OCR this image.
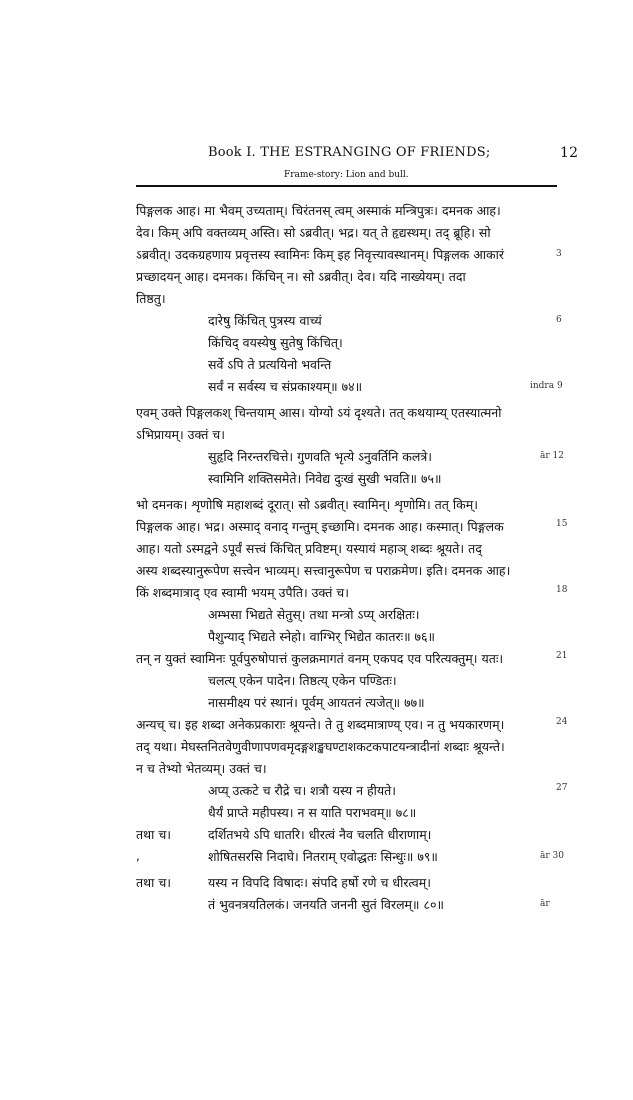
Book I. THE ESTRANGING OF FRIENDS;	12
Frame-story: Lion and bull.
पिङ्गलक आह। मा भैवम् उच्यताम्। चिरंतनस् त्वम् अस्माकं मन्त्रिपुत्रः। दमनक आह।
देव। किम् अपि वक्तव्यम् अस्ति। सो ऽब्रवीत्। भद्र। यत् ते हृद्यस्थम्। तद् ब्रूहि। सो
ऽब्रवीत्। उदकग्रहणाय प्रवृत्तस्य स्वामिनः किम् इह निवृत्त्यावस्थानम्। पिङ्गलक आकारं	3
प्रच्छादयन् आह। दमनक। किंचिन् न। सो ऽब्रवीत्। देव। यदि नाख्येयम्। तदा
तिष्ठतु।
दारेषु किंचित् पुत्रस्य वाच्यं	6
किंचिद् वयस्येषु सुतेषु किंचित्।
सर्वे ऽपि ते प्रत्ययिनो भवन्ति
सर्वं न सर्वस्य च संप्रकाश्यम्॥ ७४॥	indra 9
एवम् उक्ते पिङ्गलकश् चिन्तयाम् आस। योग्यो ऽयं दृश्यते। तत् कथयाम्य् एतस्यात्मनो
ऽभिप्रायम्। उक्तं च।
सुहृदि निरन्तरचित्ते। गुणवति भृत्ये ऽनुवर्तिनि कलत्रे।	ār 12
स्वामिनि शक्तिसमेते। निवेद्य दुःखं सुखी भवति॥ ७५॥
भो दमनक। शृणोषि महाशब्दं दूरात्। सो ऽब्रवीत्। स्वामिन्। शृणोमि। तत् किम्।
पिङ्गलक आह। भद्र। अस्माद् वनाद् गन्तुम् इच्छामि। दमनक आह। कस्मात्। पिङ्गलक	15
आह। यतो ऽस्मद्वने ऽपूर्वं सत्त्वं किंचित् प्रविष्टम्। यस्यायं महाञ् शब्दः श्रूयते। तद्
अस्य शब्दस्यानुरूपेण सत्त्वेन भाव्यम्। सत्त्वानुरूपेण च पराक्रमेण। इति। दमनक आह।
किं शब्दमात्राद् एव स्वामी भयम् उपैति। उक्तं च।	18
अम्भसा भिद्यते सेतुस्। तथा मन्त्रो ऽप्य् अरक्षितः।
पैशुन्याद् भिद्यते स्नेहो। वाग्भिर् भिद्येत कातरः॥ ७६॥
तन् न युक्तं स्वामिनः पूर्वपुरुषोपात्तं कुलक्रमागतं वनम् एकपद एव परित्यक्तुम्। यतः।	21
चलत्य् एकेन पादेन। तिष्ठत्य् एकेन पण्डितः।
नासमीक्ष्य परं स्थानं। पूर्वम् आयतनं त्यजेत्॥ ७७॥
अन्यच् च। इह शब्दा अनेकप्रकाराः श्रूयन्ते। ते तु शब्दमात्राण्य् एव। न तु भयकारणम्।	24
तद् यथा। मेघस्तनितवेणुवीणापणवमृदङ्गशङ्खघण्टाशकटकपाटयन्त्रादीनां शब्दाः श्रूयन्ते।
न च तेभ्यो भेतव्यम्। उक्तं च।
अप्य् उत्कटे च रौद्रे च। शत्रौ यस्य न हीयते।	27
धैर्यं प्राप्ते महीपस्य। न स याति पराभवम्॥ ७८॥
तथा च।	दर्शितभये ऽपि धातरि। धीरत्वं नैव चलति धीराणाम्।
,	शोषितसरसि निदाघे। नितराम् एवोद्धतः सिन्धुः॥ ७९॥	ār 30
तथा च।	यस्य न विपदि विषादः। संपदि हर्षो रणे च धीरत्वम्।
तं भुवनत्रयतिलकं। जनयति जननी सुतं विरलम्॥ ८०॥	ār
